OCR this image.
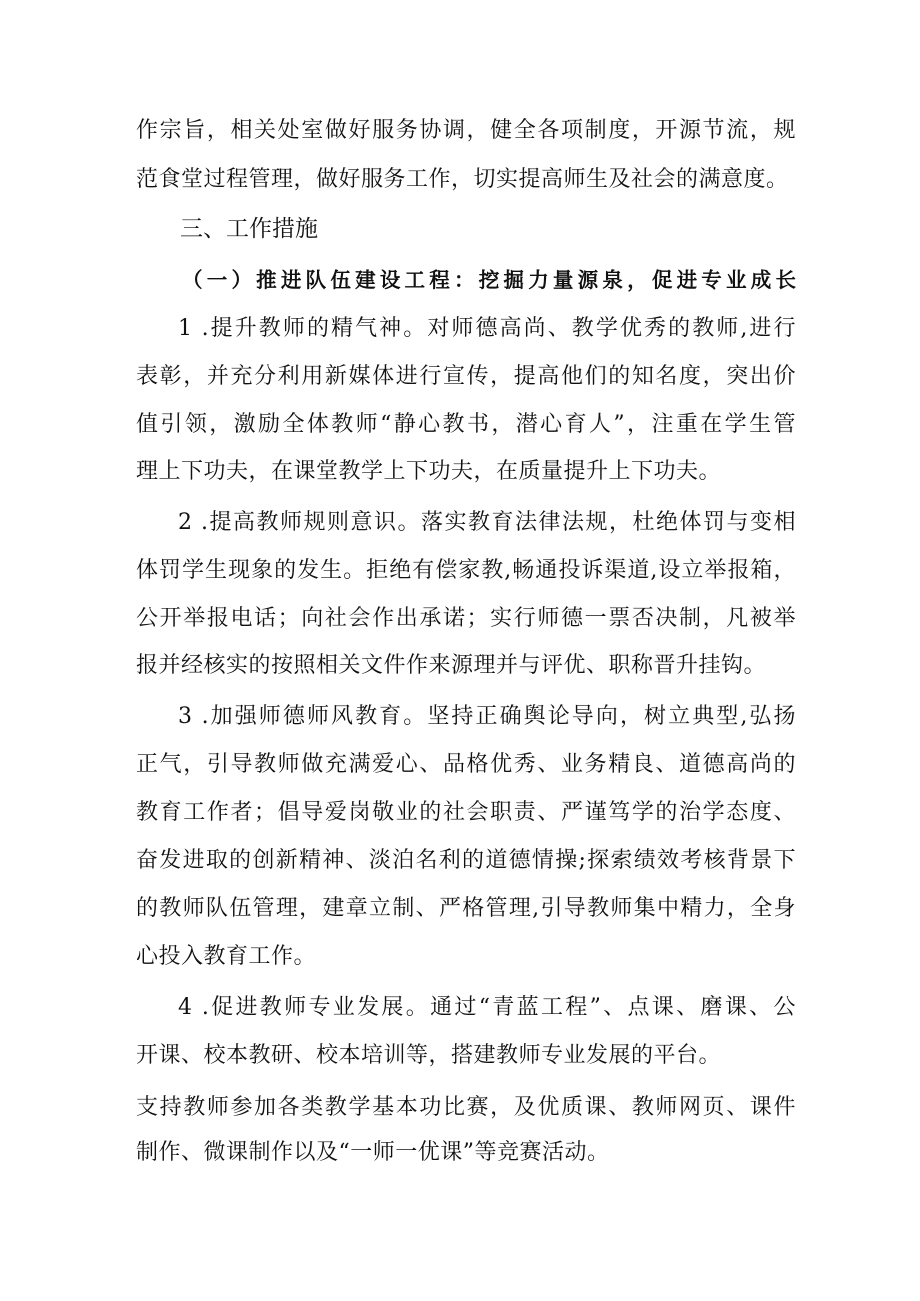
作宗旨，相关处室做好服务协调，健全各项制度，开源节流，规
范食堂过程管理，做好服务工作，切实提高师生及社会的满意度。
三、工作措施
（一）推进队伍建设工程：挖掘力量源泉，促进专业成长
1 .提升教师的精气神。对师德高尚、教学优秀的教师,进行
表彰，并充分利用新媒体进行宣传，提高他们的知名度，突出价
值引领，激励全体教师“静心教书，潜心育人”，注重在学生管
理上下功夫，在课堂教学上下功夫，在质量提升上下功夫。
2 .提高教师规则意识。落实教育法律法规，杜绝体罚与变相
体罚学生现象的发生。拒绝有偿家教,畅通投诉渠道,设立举报箱，
公开举报电话；向社会作出承诺；实行师德一票否决制，凡被举
报并经核实的按照相关文件作来源理并与评优、职称晋升挂钩。
3 .加强师德师风教育。坚持正确舆论导向，树立典型,弘扬
正气，引导教师做充满爱心、品格优秀、业务精良、道德高尚的
教育工作者；倡导爱岗敬业的社会职责、严谨笃学的治学态度、
奋发进取的创新精神、淡泊名利的道德情操;探索绩效考核背景下
的教师队伍管理，建章立制、严格管理,引导教师集中精力，全身
心投入教育工作。
4 .促进教师专业发展。通过“青蓝工程”、点课、磨课、公
开课、校本教研、校本培训等，搭建教师专业发展的平台。
支持教师参加各类教学基本功比赛，及优质课、教师网页、课件
制作、微课制作以及“一师一优课”等竞赛活动。
